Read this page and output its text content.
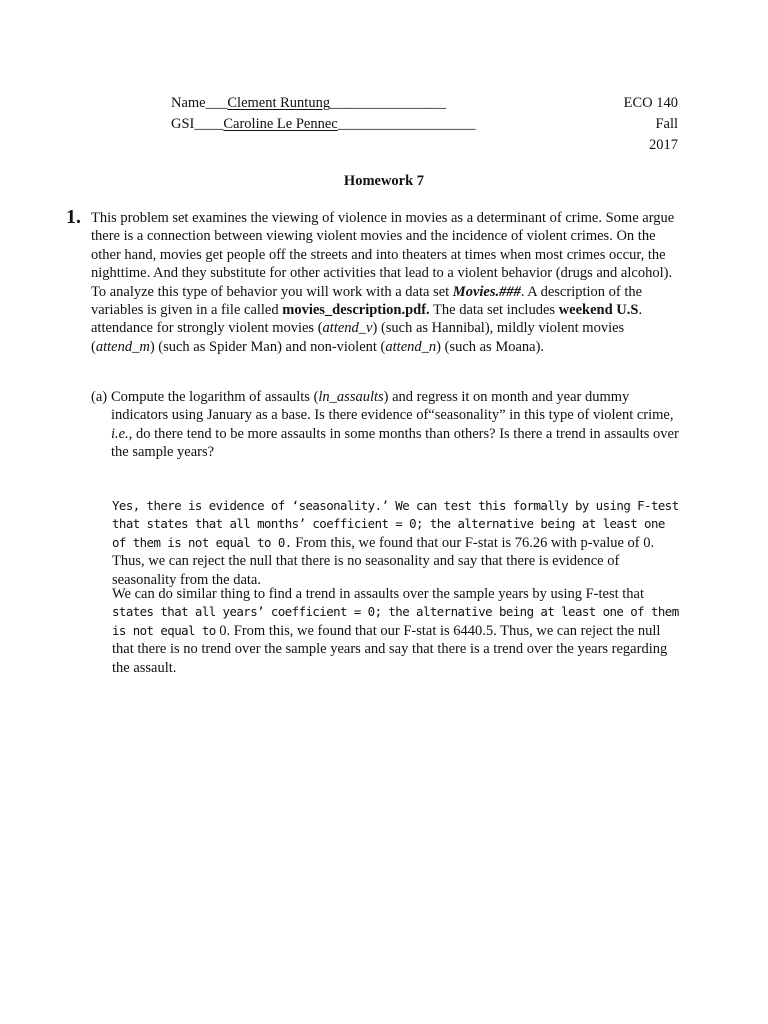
Name___Clement Runtung________________
GSI____Caroline Le Pennec___________________
ECO 140
Fall
2017
Homework 7
1. This problem set examines the viewing of violence in movies as a determinant of crime. Some argue there is a connection between viewing violent movies and the incidence of violent crimes. On the other hand, movies get people off the streets and into theaters at times when most crimes occur, the nighttime. And they substitute for other activities that lead to a violent behavior (drugs and alcohol). To analyze this type of behavior you will work with a data set Movies.###. A description of the variables is given in a file called movies_description.pdf. The data set includes weekend U.S. attendance for strongly violent movies (attend_v) (such as Hannibal), mildly violent movies (attend_m) (such as Spider Man) and non-violent (attend_n) (such as Moana).
(a) Compute the logarithm of assaults (ln_assaults) and regress it on month and year dummy indicators using January as a base. Is there evidence of“seasonality” in this type of violent crime, i.e., do there tend to be more assaults in some months than others? Is there a trend in assaults over the sample years?
Yes, there is evidence of ‘seasonality.’ We can test this formally by using F-test that states that all months’ coefficient = 0; the alternative being at least one of them is not equal to 0. From this, we found that our F-stat is 76.26 with p-value of 0. Thus, we can reject the null that there is no seasonality and say that there is evidence of seasonality from the data.
We can do similar thing to find a trend in assaults over the sample years by using F-test that states that all years’ coefficient = 0; the alternative being at least one of them is not equal to 0. From this, we found that our F-stat is 6440.5. Thus, we can reject the null that there is no trend over the sample years and say that there is a trend over the years regarding the assault.
